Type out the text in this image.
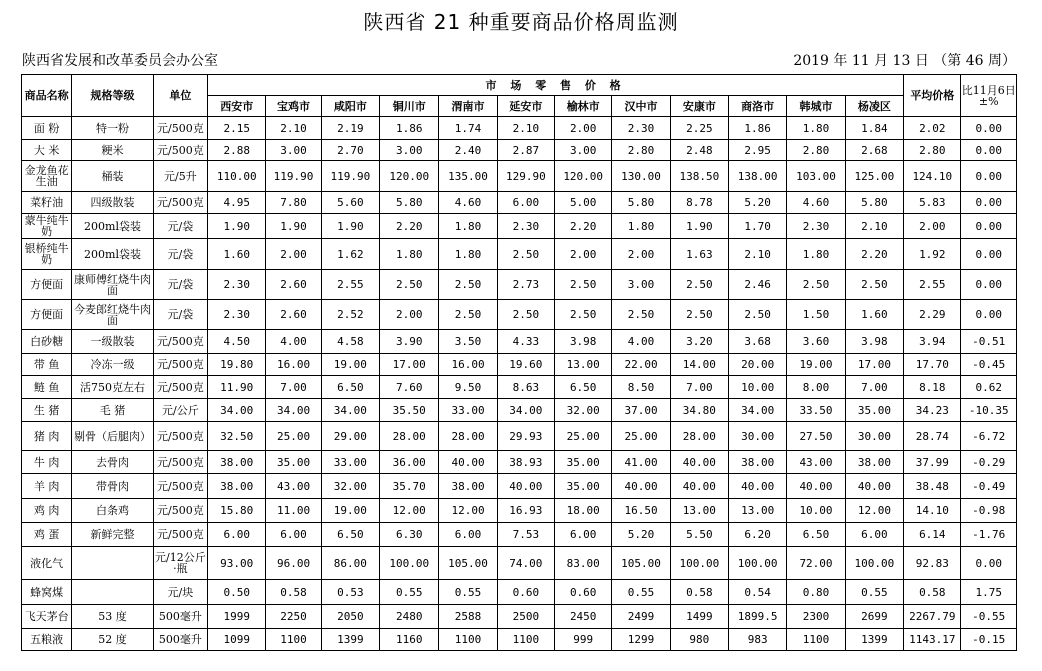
陕西省 21 种重要商品价格周监测
陕西省发展和改革委员会办公室	2019 年 11 月 13 日 （第 46 周）
商品名称	规格等级	单位	市 场 零 售 价 格												平均价格	比11月6日±%
			西安市	宝鸡市	咸阳市	铜川市	渭南市	延安市	榆林市	汉中市	安康市	商洛市	韩城市	杨凌区		
面 粉	特一粉	元/500克	2.15	2.10	2.19	1.86	1.74	2.10	2.00	2.30	2.25	1.86	1.80	1.84	2.02	0.00
大 米	粳米	元/500克	2.88	3.00	2.70	3.00	2.40	2.87	3.00	2.80	2.48	2.95	2.80	2.68	2.80	0.00
金龙鱼花生油	桶装	元/5升	110.00	119.90	119.90	120.00	135.00	129.90	120.00	130.00	138.50	138.00	103.00	125.00	124.10	0.00
菜籽油	四级散装	元/500克	4.95	7.80	5.60	5.80	4.60	6.00	5.00	5.80	8.78	5.20	4.60	5.80	5.83	0.00
蒙牛纯牛奶	200ml袋装	元/袋	1.90	1.90	1.90	2.20	1.80	2.30	2.20	1.80	1.90	1.70	2.30	2.10	2.00	0.00
银桥纯牛奶	200ml袋装	元/袋	1.60	2.00	1.62	1.80	1.80	2.50	2.00	2.00	1.63	2.10	1.80	2.20	1.92	0.00
方便面	康师傅红烧牛肉面	元/袋	2.30	2.60	2.55	2.50	2.50	2.73	2.50	3.00	2.50	2.46	2.50	2.50	2.55	0.00
方便面	今麦郎红烧牛肉面	元/袋	2.30	2.60	2.52	2.00	2.50	2.50	2.50	2.50	2.50	2.50	1.50	1.60	2.29	0.00
白砂糖	一级散装	元/500克	4.50	4.00	4.58	3.90	3.50	4.33	3.98	4.00	3.20	3.68	3.60	3.98	3.94	-0.51
带 鱼	冷冻一级	元/500克	19.80	16.00	19.00	17.00	16.00	19.60	13.00	22.00	14.00	20.00	19.00	17.00	17.70	-0.45
鲢 鱼	活750克左右	元/500克	11.90	7.00	6.50	7.60	9.50	8.63	6.50	8.50	7.00	10.00	8.00	7.00	8.18	0.62
生 猪	毛 猪	元/公斤	34.00	34.00	34.00	35.50	33.00	34.00	32.00	37.00	34.80	34.00	33.50	35.00	34.23	-10.35
猪 肉	剔骨（后腿肉）	元/500克	32.50	25.00	29.00	28.00	28.00	29.93	25.00	25.00	28.00	30.00	27.50	30.00	28.74	-6.72
牛 肉	去骨肉	元/500克	38.00	35.00	33.00	36.00	40.00	38.93	35.00	41.00	40.00	38.00	43.00	38.00	37.99	-0.29
羊 肉	带骨肉	元/500克	38.00	43.00	32.00	35.70	38.00	40.00	35.00	40.00	40.00	40.00	40.00	40.00	38.48	-0.49
鸡 肉	白条鸡	元/500克	15.80	11.00	19.00	12.00	12.00	16.93	18.00	16.50	13.00	13.00	10.00	12.00	14.10	-0.98
鸡 蛋	新鲜完整	元/500克	6.00	6.00	6.50	6.30	6.00	7.53	6.00	5.20	5.50	6.20	6.50	6.00	6.14	-1.76
液化气		元/12公斤·瓶	93.00	96.00	86.00	100.00	105.00	74.00	83.00	105.00	100.00	100.00	72.00	100.00	92.83	0.00
蜂窝煤		元/块	0.50	0.58	0.53	0.55	0.55	0.60	0.60	0.55	0.58	0.54	0.80	0.55	0.58	1.75
飞天茅台	53 度	500毫升	1999	2250	2050	2480	2588	2500	2450	2499	1499	1899.5	2300	2699	2267.79	-0.55
五粮液	52 度	500毫升	1099	1100	1399	1160	1100	1100	999	1299	980	983	1100	1399	1143.17	-0.15
